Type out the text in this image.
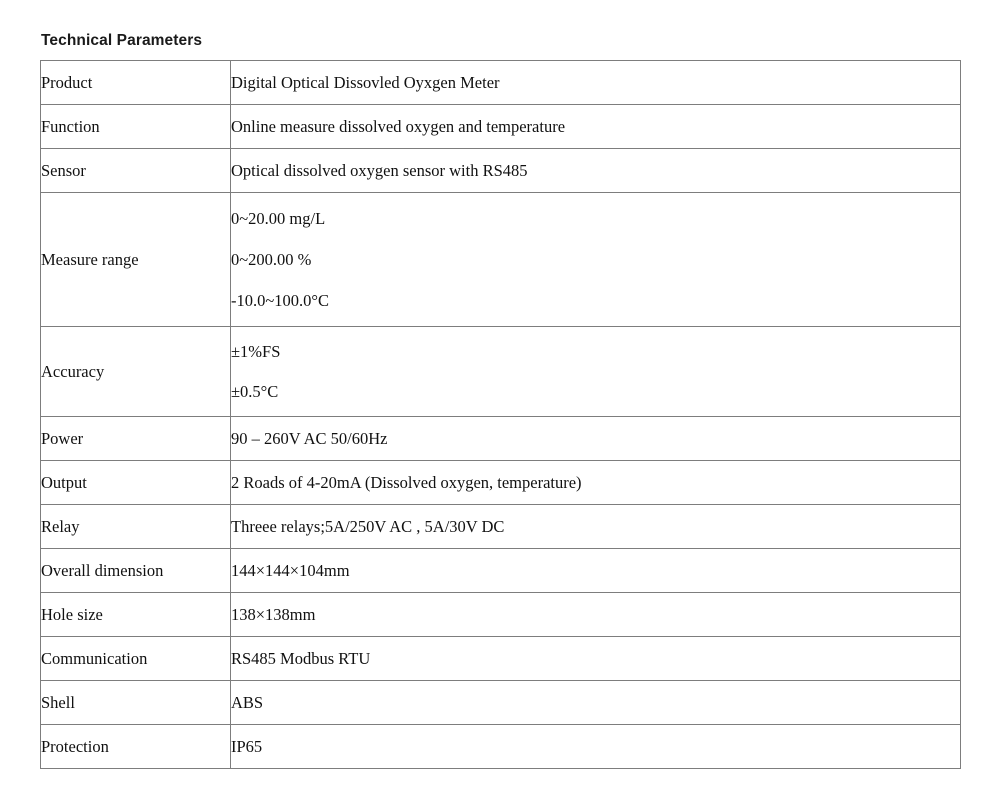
Technical Parameters
Product	Digital Optical Dissovled Oyxgen Meter

Function	Online measure dissolved oxygen and temperature

Sensor	Optical dissolved oxygen sensor with RS485

Measure range	0~20.00 mg/L
0~200.00 %
-10.0~100.0°C

Accuracy	±1%FS
±0.5°C

Power	90 – 260V AC 50/60Hz

Output	2 Roads of 4-20mA (Dissolved oxygen, temperature)

Relay	Threee relays;5A/250V AC , 5A/30V DC

Overall dimension	144×144×104mm

Hole size	138×138mm

Communication	RS485 Modbus RTU

Shell	ABS

Protection	IP65
